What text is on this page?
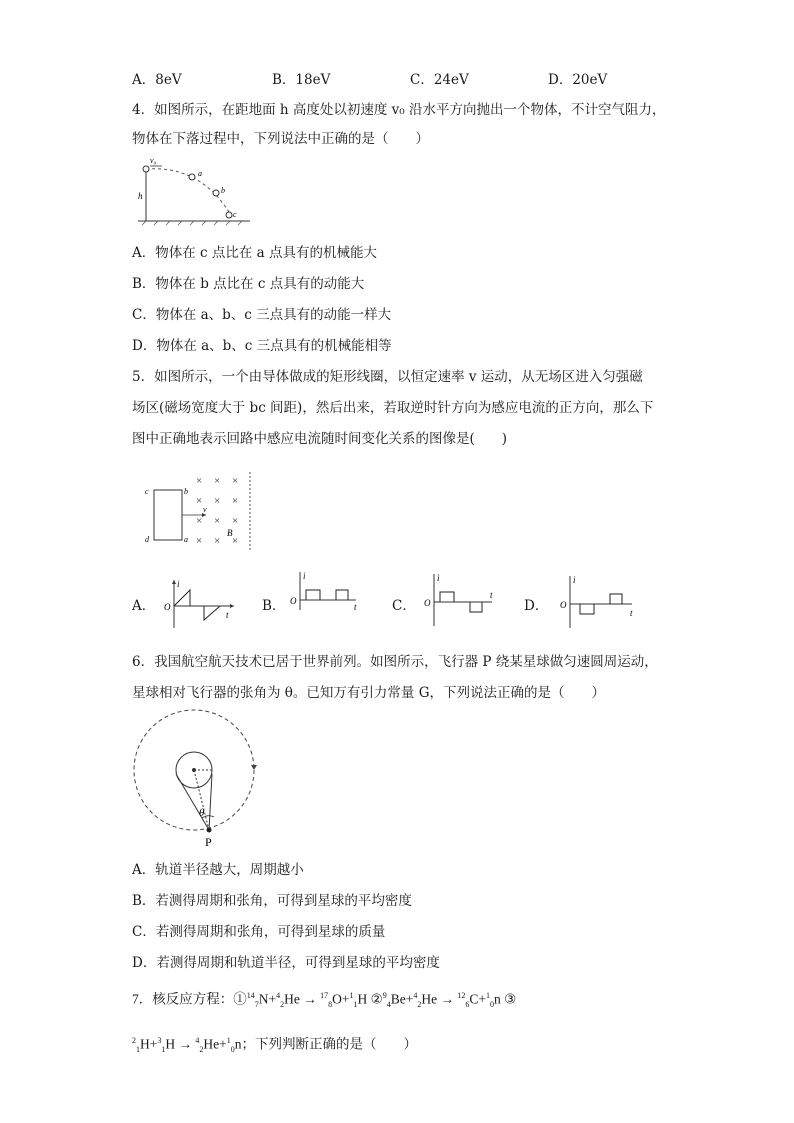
A．8eV	B．18eV	C．24eV	D．20eV
4．如图所示，在距地面 h 高度处以初速度 v₀ 沿水平方向抛出一个物体，不计空气阻力，
物体在下落过程中，下列说法中正确的是（　　）
v₀
h
a
b
c
A．物体在 c 点比在 a 点具有的机械能大
B．物体在 b 点比在 c 点具有的动能大
C．物体在 a、b、c 三点具有的动能一样大
D．物体在 a、b、c 三点具有的机械能相等
5．如图所示，一个由导体做成的矩形线圈，以恒定速率 v 运动，从无场区进入匀强磁
场区(磁场宽度大于 bc 间距)，然后出来，若取逆时针方向为感应电流的正方向，那么下
图中正确地表示回路中感应电流随时间变化关系的图像是(　　)
× × ×
× × ×
× × ×
× × ×
c
d
b
a
v
B
A． O
i
t
B． O
i
t	C． O
i
t
D． O
i
t
6．我国航空航天技术已居于世界前列。如图所示，飞行器 P 绕某星球做匀速圆周运动，
星球相对飞行器的张角为 θ。已知万有引力常量 G，下列说法正确的是（　　）
θ
P
A．轨道半径越大，周期越小
B．若测得周期和张角，可得到星球的平均密度
C．若测得周期和张角，可得到星球的质量
D．若测得周期和轨道半径，可得到星球的平均密度
7．核反应方程：①$^{14}_7$N+$^4_2$He → $^{17}_8$O+$^1_1$H ②$^9_4$Be+$^4_2$He → $^{12}_6$C+$^1_0$n ③
$^2_1$H+$^3_1$H → $^4_2$He+$^1_0$n；下列判断正确的是（　　）
